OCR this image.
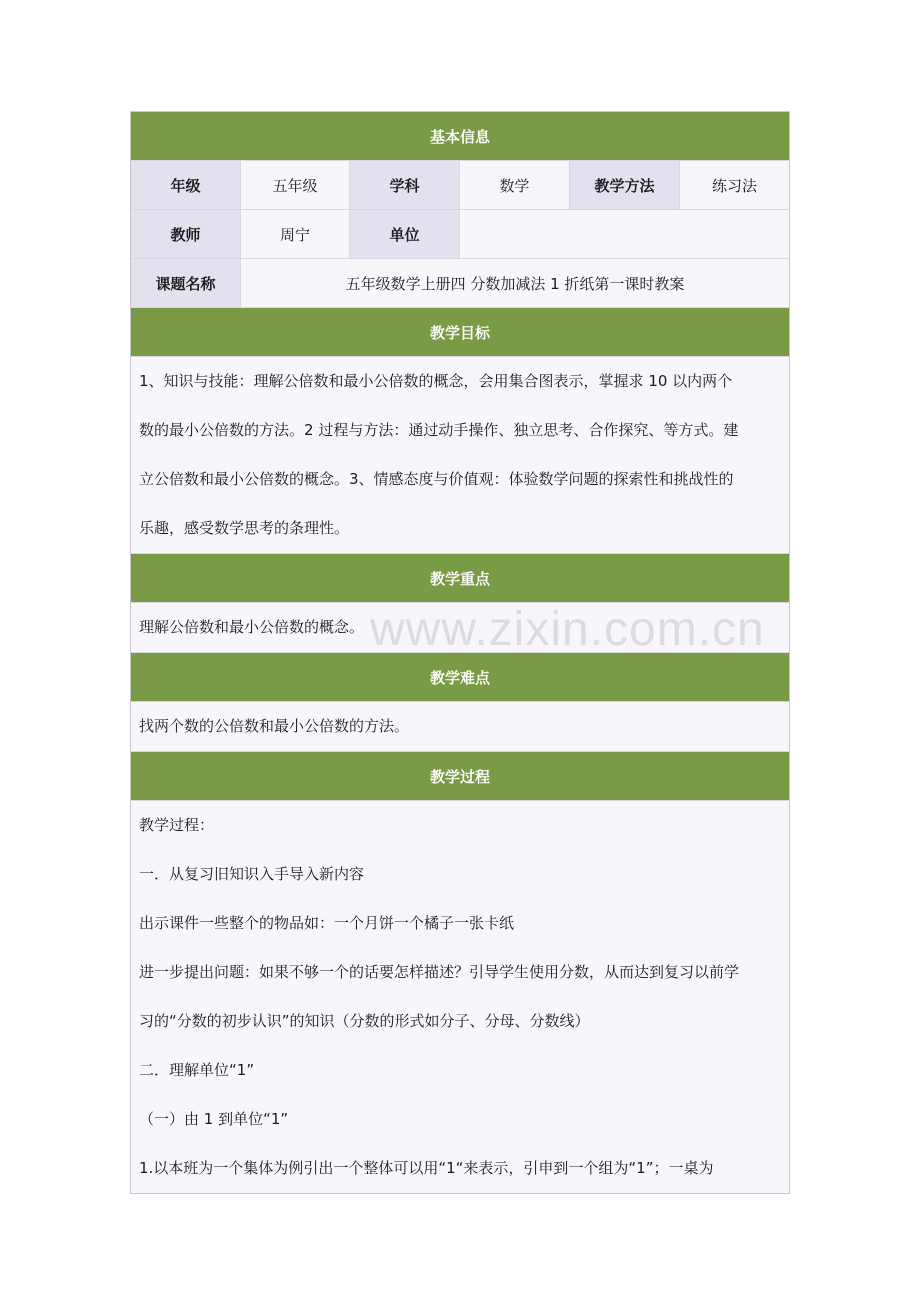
基本信息
年级	五年级	学科	数学	教学方法	练习法
教师	周宁	单位
课题名称	五年级数学上册四 分数加减法 1 折纸第一课时教案
教学目标

1、知识与技能：理解公倍数和最小公倍数的概念，会用集合图表示，掌握求 10 以内两个

数的最小公倍数的方法。2 过程与方法：通过动手操作、独立思考、合作探究、等方式。建

立公倍数和最小公倍数的概念。3、情感态度与价值观：体验数学问题的探索性和挑战性的

乐趣，感受数学思考的条理性。

教学重点

理解公倍数和最小公倍数的概念。

教学难点

找两个数的公倍数和最小公倍数的方法。

教学过程

教学过程：

一．从复习旧知识入手导入新内容

出示课件一些整个的物品如：一个月饼一个橘子一张卡纸

进一步提出问题：如果不够一个的话要怎样描述？引导学生使用分数，从而达到复习以前学

习的“分数的初步认识”的知识（分数的形式如分子、分母、分数线）

二．理解单位“1”

（一）由 1 到单位“1”

1.以本班为一个集体为例引出一个整体可以用“1“来表示，引申到一个组为“1”；一桌为

www.zixin.com.cn
